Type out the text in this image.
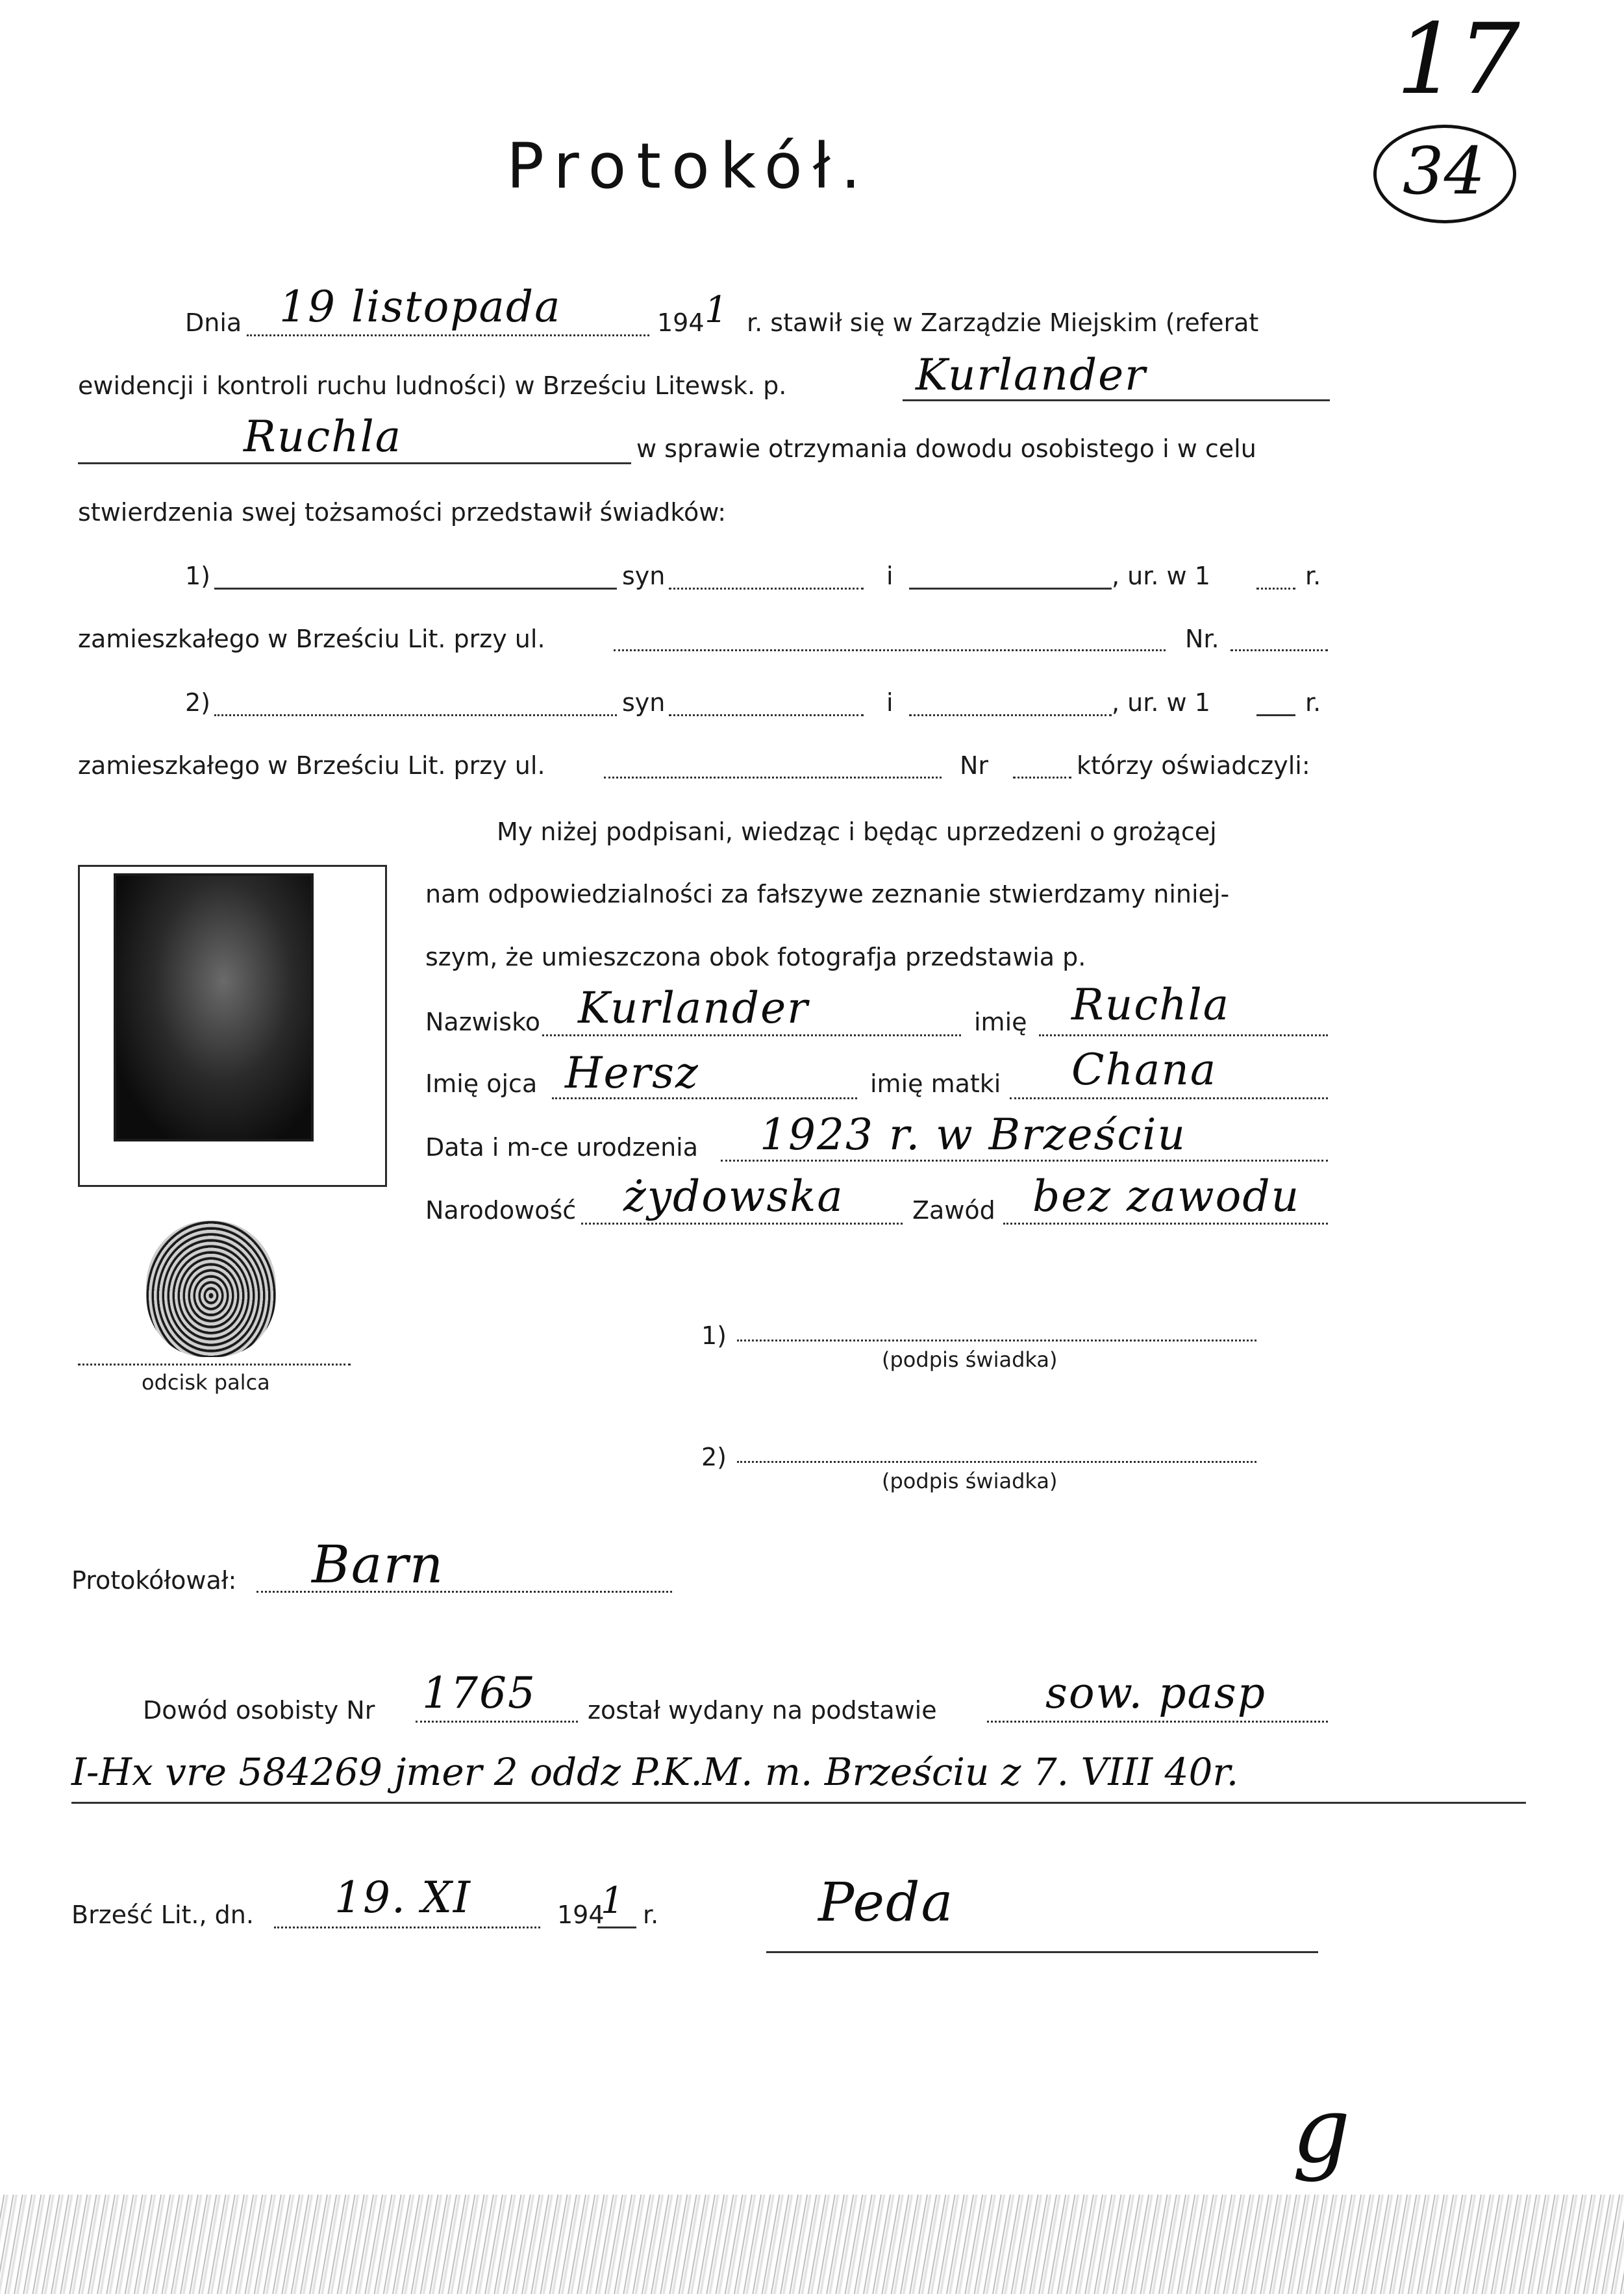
17
34
Protokół.
Dnia 19 listopada	194 1 r. stawił się w Zarządzie Miejskim (referat
ewidencji i kontroli ruchu ludności) w Brześciu Litewsk. p.	Kurlander
Ruchla	w sprawie otrzymania dowodu osobistego i w celu
stwierdzenia swej tożsamości przedstawił świadków:
1)	syn	i	, ur. w 1	r.
zamieszkałego w Brześciu Lit. przy ul.	Nr.
2)	syn	i	, ur. w 1	r.
zamieszkałego w Brześciu Lit. przy ul.	Nr	którzy oświadczyli:
My niżej podpisani, wiedząc i będąc uprzedzeni o grożącej
nam odpowiedzialności za fałszywe zeznanie stwierdzamy niniej-
szym, że umieszczona obok fotografja przedstawia p.
odcisk palca
Nazwisko Kurlander	imię Ruchla
Imię ojca Hersz	imię matki Chana
Data i m-ce urodzenia 1923 r. w Brześciu
Narodowość żydowska	Zawód bez zawodu
1)
(podpis świadka)
2)
(podpis świadka)
Protokółował: Barn
Dowód osobisty Nr 1765 został wydany na podstawie	sow. pasp
I-Hx vre 584269 jmer 2 oddz P.K.M. m. Brześciu z 7. VIII 40r.
Brześć Lit., dn. 19. XI	194
1 r.	Peda
g
